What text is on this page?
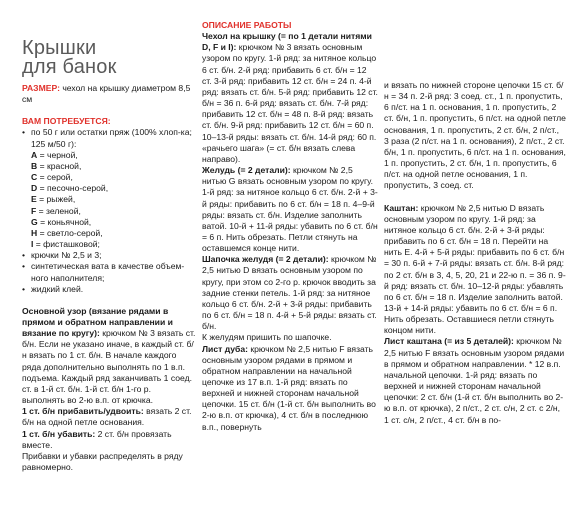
Крышки
для банок

РАЗМЕР: чехол на крышку диаметром 8,5 см

ВАМ ПОТРЕБУЕТСЯ:

• по 50 г или остатки пряж (100% хлоп-ка; 125 м/50 г):

A = черной,

B = красной,

C = серой,

D = песочно-серой,

E = рыжей,

F = зеленой,

G = коньячной,

H = светло-серой,

I = фисташковой;

• крючки № 2,5 и 3;
• синтетическая вата в качестве объем-ного наполнителя;
• жидкий клей.

Основной узор (вязание рядами в прямом и обратном направлении и вязание по кругу): крючком № 3 вязать ст. б/н. Если не указано иначе, в каждый ст. б/н вязать по 1 ст. б/н. В начале каждого ряда дополнительно выполнять по 1 в.п. подъема. Каждый ряд заканчивать 1 соед. ст. в 1-й ст. б/н. 1-й ст. б/н 1-го р. выполнять во 2-ю в.п. от крючка.

1 ст. б/н прибавить/удвоить: вязать 2 ст. б/н на одной петле основания.

1 ст. б/н убавить: 2 ст. б/н провязать вместе.

Прибавки и убавки распределять в ряду равномерно.

ОПИСАНИЕ РАБОТЫ

Чехол на крышку (= по 1 детали нитями D, F и I): крючком № 3 вязать основным узором по кругу. 1-й ряд: за нитяное кольцо 6 ст. б/н. 2-й ряд: прибавить 6 ст. б/н = 12 ст. 3-й ряд: прибавить 12 ст. б/н = 24 п. 4-й ряд: вязать ст. б/н. 5-й ряд: прибавить 12 ст. б/н = 36 п. 6-й ряд: вязать ст. б/н. 7-й ряд: прибавить 12 ст. б/н = 48 п. 8-й ряд: вязать ст. б/н. 9-й ряд: прибавить 12 ст. б/н = 60 п. 10–13-й ряды: вязать ст. б/н. 14-й ряд: 60 п. «рачьего шага» (= ст. б/н вязать слева направо).

Желудь (= 2 детали): крючком № 2,5 нитью G вязать основным узором по кругу. 1-й ряд: за нитяное кольцо 6 ст. б/н. 2-й + 3-й ряды: прибавить по 6 ст. б/н = 18 п. 4–9-й ряды: вязать ст. б/н. Изделие заполнить ватой. 10-й + 11-й ряды: убавить по 6 ст. б/н = 6 п. Нить обрезать. Петли стянуть на оставшемся конце нити.

Шапочка желудя (= 2 детали): крючком № 2,5 нитью D вязать основным узором по кругу, при этом со 2-го р. крючок вводить за задние стенки петель. 1-й ряд: за нитяное кольцо 6 ст. б/н. 2-й + 3-й ряды: прибавить по 6 ст. б/н = 18 п. 4-й + 5-й ряды: вязать ст. б/н.

К желудям пришить по шапочке.

Лист дуба: крючком № 2,5 нитью F вязать основным узором рядами в прямом и обратном направлении на начальной цепочке из 17 в.п. 1-й ряд: вязать по верхней и нижней сторонам начальной цепочки. 15 ст. б/н (1-й ст. б/н выполнить во 2-ю в.п. от крючка), 4 ст. б/н в последнюю в.п., повернуть

и вязать по нижней стороне цепочки 15 ст. б/н = 34 п. 2-й ряд: 3 соед. ст., 1 п. пропустить, 6 п/ст. на 1 п. основания, 1 п. пропустить, 2 ст. б/н, 1 п. пропустить, 6 п/ст. на одной петле основания, 1 п. пропустить, 2 ст. б/н, 2 п/ст., 3 раза (2 п/ст. на 1 п. основания), 2 п/ст., 2 ст. б/н, 1 п. пропустить, 6 п/ст. на 1 п. основания, 1 п. пропустить, 2 ст. б/н, 1 п. пропустить, 6 п/ст. на одной петле основания, 1 п. пропустить, 3 соед. ст.

Каштан: крючком № 2,5 нитью D вязать основным узором по кругу. 1-й ряд: за нитяное кольцо 6 ст. б/н. 2-й + 3-й ряды: прибавить по 6 ст. б/н = 18 п. Перейти на нить E. 4-й + 5-й ряды: прибавить по 6 ст. б/н = 30 п. 6-й + 7-й ряды: вязать ст. б/н. 8-й ряд: по 2 ст. б/н в 3, 4, 5, 20, 21 и 22-ю п. = 36 п. 9-й ряд: вязать ст. б/н. 10–12-й ряды: убавлять по 6 ст. б/н = 18 п. Изделие заполнить ватой. 13-й + 14-й ряды: убавить по 6 ст. б/н = 6 п. Нить обрезать. Оставшиеся петли стянуть концом нити.

Лист каштана (= из 5 деталей): крючком № 2,5 нитью F вязать основным узором рядами в прямом и обратном направлении. * 12 в.п. начальной цепочки. 1-й ряд: вязать по верхней и нижней сторонам начальной цепочки: 2 ст. б/н (1-й ст. б/н выполнить во 2-ю в.п. от крючка), 2 п/ст., 2 ст. с/н, 2 ст. с 2/н, 1 ст. с/н, 2 п/ст., 4 ст. б/н в по-
